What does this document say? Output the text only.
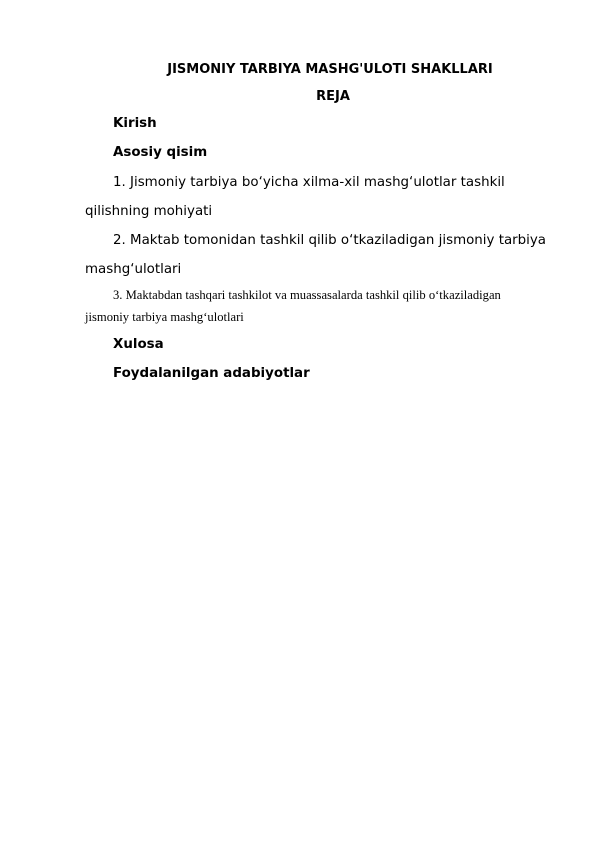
JISMONIY TARBIYA MASHG'ULOTI SHAKLLARI
REJA
Kirish
Asosiy qisim
1. Jismoniy tarbiya bo‘yicha xilma-xil mashg‘ulotlar tashkil
qilishning mohiyati
2. Maktab tomonidan tashkil qilib o‘tkaziladigan jismoniy tarbiya
mashg‘ulotlari
3. Maktabdan tashqari tashkilot va muassasalarda tashkil qilib o‘tkaziladigan
jismoniy tarbiya mashg‘ulotlari
Xulosa
Foydalanilgan adabiyotlar
